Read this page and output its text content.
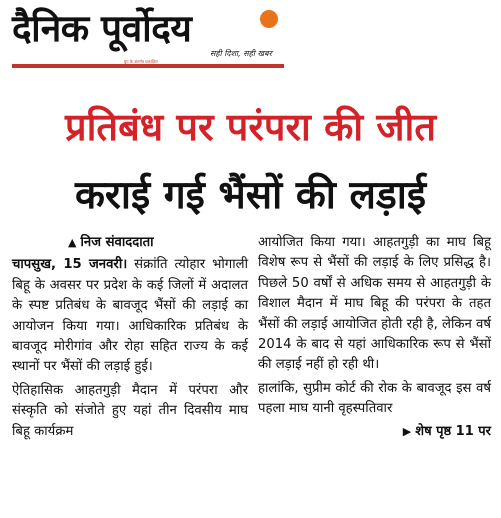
दैनिक पूर्वोदय
सही दिशा, सही खबर
ग्रुप के अंतर्गत प्रकाशित
प्रतिबंध पर परंपरा की जीत
कराई गई भैंसों की लड़ाई

▲ निज संवाददाता

चापसुख, 15 जनवरी। संक्रांति त्योहार भोगाली बिहू के अवसर पर प्रदेश के कई जिलों में अदालत के स्पष्ट प्रतिबंध के बावजूद भैंसों की लड़ाई का आयोजन किया गया। आधिकारिक प्रतिबंध के बावजूद मोरीगांव और रोहा सहित राज्य के कई स्थानों पर भैंसों की लड़ाई हुई।

ऐतिहासिक आहतगुड़ी मैदान में परंपरा और संस्कृति को संजोते हुए यहां तीन दिवसीय माघ बिहू कार्यक्रम

आयोजित किया गया। आहतगुड़ी का माघ बिहू विशेष रूप से भैंसों की लड़ाई के लिए प्रसिद्ध है। पिछले 50 वर्षों से अधिक समय से आहतगुड़ी के विशाल मैदान में माघ बिहू की परंपरा के तहत भैंसों की लड़ाई आयोजित होती रही है, लेकिन वर्ष 2014 के बाद से यहां आधिकारिक रूप से भैंसों की लड़ाई नहीं हो रही थी।

हालांकि, सुप्रीम कोर्ट की रोक के बावजूद इस वर्ष पहला माघ यानी वृहस्पतिवार

▶ शेष पृष्ठ 11 पर
